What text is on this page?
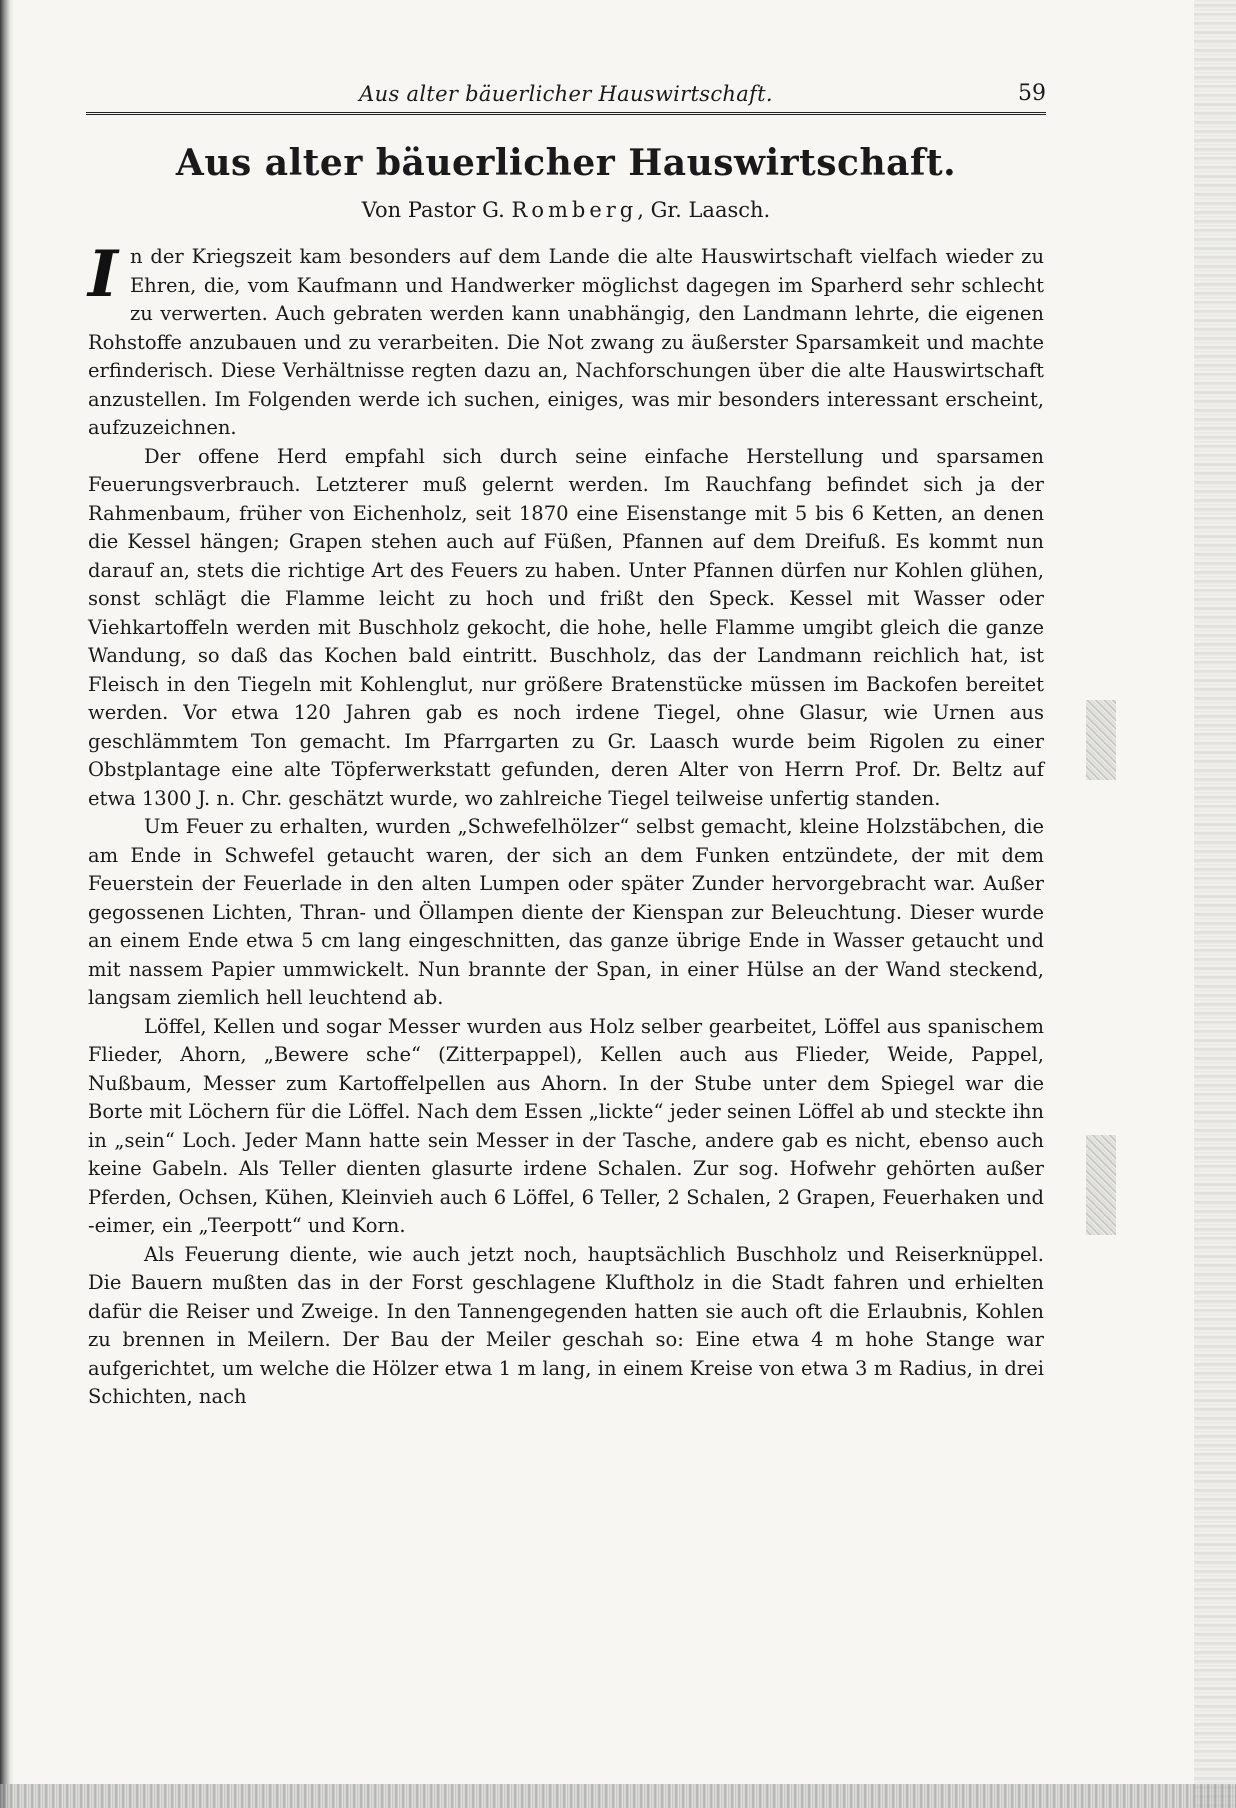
Aus alter bäuerlicher Hauswirtschaft.	59
Aus alter bäuerlicher Hauswirtschaft.
Von Pastor G. Romberg, Gr. Laasch.

In der Kriegszeit kam besonders auf dem Lande die alte Hauswirtschaft vielfach wieder zu Ehren, die, vom Kaufmann und Handwerker möglichst dagegen im Sparherd sehr schlecht zu verwerten. Auch gebraten werden kann unabhängig, den Landmann lehrte, die eigenen Rohstoffe anzubauen und zu verarbeiten. Die Not zwang zu äußerster Sparsamkeit und machte erfinderisch. Diese Verhältnisse regten dazu an, Nachforschungen über die alte Hauswirtschaft anzustellen. Im Folgenden werde ich suchen, einiges, was mir besonders interessant erscheint, aufzuzeichnen.

Der offene Herd empfahl sich durch seine einfache Herstellung und sparsamen Feuerungsverbrauch. Letzterer muß gelernt werden. Im Rauchfang befindet sich ja der Rahmenbaum, früher von Eichenholz, seit 1870 eine Eisenstange mit 5 bis 6 Ketten, an denen die Kessel hängen; Grapen stehen auch auf Füßen, Pfannen auf dem Dreifuß. Es kommt nun darauf an, stets die richtige Art des Feuers zu haben. Unter Pfannen dürfen nur Kohlen glühen, sonst schlägt die Flamme leicht zu hoch und frißt den Speck. Kessel mit Wasser oder Viehkartoffeln werden mit Buschholz gekocht, die hohe, helle Flamme umgibt gleich die ganze Wandung, so daß das Kochen bald eintritt. Buschholz, das der Landmann reichlich hat, ist Fleisch in den Tiegeln mit Kohlenglut, nur größere Bratenstücke müssen im Backofen bereitet werden. Vor etwa 120 Jahren gab es noch irdene Tiegel, ohne Glasur, wie Urnen aus geschlämmtem Ton gemacht. Im Pfarrgarten zu Gr. Laasch wurde beim Rigolen zu einer Obstplantage eine alte Töpferwerkstatt gefunden, deren Alter von Herrn Prof. Dr. Beltz auf etwa 1300 J. n. Chr. geschätzt wurde, wo zahlreiche Tiegel teilweise unfertig standen.

Um Feuer zu erhalten, wurden „Schwefelhölzer“ selbst gemacht, kleine Holzstäbchen, die am Ende in Schwefel getaucht waren, der sich an dem Funken entzündete, der mit dem Feuerstein der Feuerlade in den alten Lumpen oder später Zunder hervorgebracht war. Außer gegossenen Lichten, Thran- und Öllampen diente der Kienspan zur Beleuchtung. Dieser wurde an einem Ende etwa 5 cm lang eingeschnitten, das ganze übrige Ende in Wasser getaucht und mit nassem Papier ummwickelt. Nun brannte der Span, in einer Hülse an der Wand steckend, langsam ziemlich hell leuchtend ab.

Löffel, Kellen und sogar Messer wurden aus Holz selber gearbeitet, Löffel aus spanischem Flieder, Ahorn, „Bewere sche“ (Zitterpappel), Kellen auch aus Flieder, Weide, Pappel, Nußbaum, Messer zum Kartoffelpellen aus Ahorn. In der Stube unter dem Spiegel war die Borte mit Löchern für die Löffel. Nach dem Essen „lickte“ jeder seinen Löffel ab und steckte ihn in „sein“ Loch. Jeder Mann hatte sein Messer in der Tasche, andere gab es nicht, ebenso auch keine Gabeln. Als Teller dienten glasurte irdene Schalen. Zur sog. Hofwehr gehörten außer Pferden, Ochsen, Kühen, Kleinvieh auch 6 Löffel, 6 Teller, 2 Schalen, 2 Grapen, Feuerhaken und -eimer, ein „Teerpott“ und Korn.

Als Feuerung diente, wie auch jetzt noch, hauptsächlich Buschholz und Reiserknüppel. Die Bauern mußten das in der Forst geschlagene Kluftholz in die Stadt fahren und erhielten dafür die Reiser und Zweige. In den Tannengegenden hatten sie auch oft die Erlaubnis, Kohlen zu brennen in Meilern. Der Bau der Meiler geschah so: Eine etwa 4 m hohe Stange war aufgerichtet, um welche die Hölzer etwa 1 m lang, in einem Kreise von etwa 3 m Radius, in drei Schichten, nach
